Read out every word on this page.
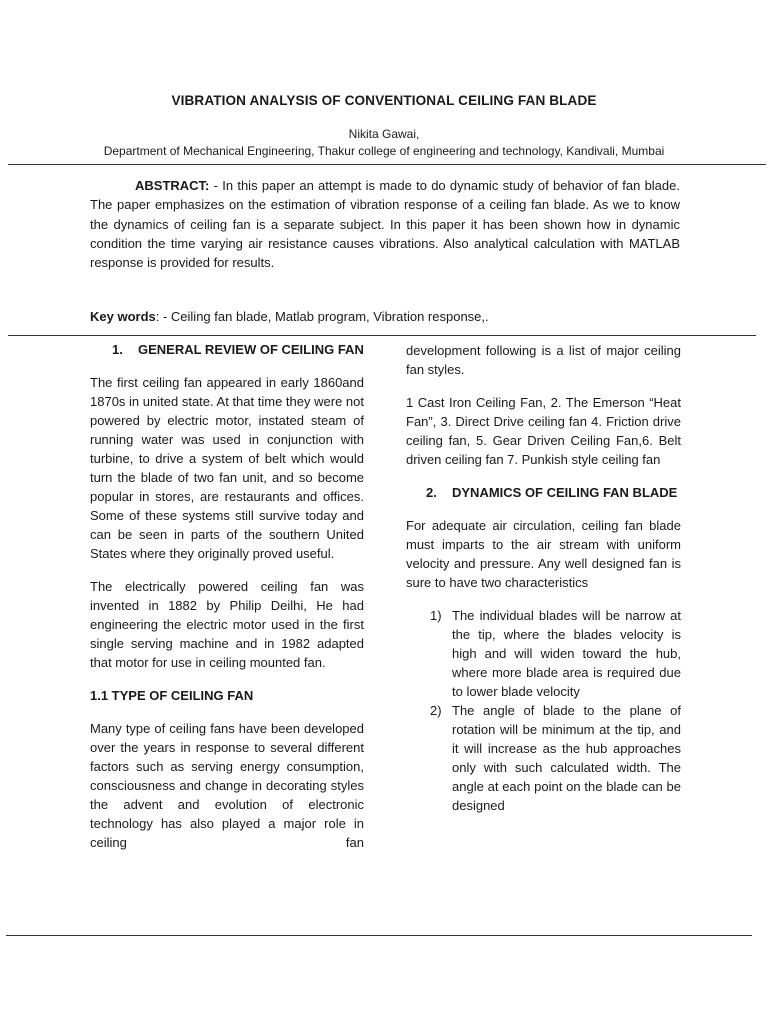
VIBRATION ANALYSIS OF CONVENTIONAL CEILING FAN BLADE
Nikita Gawai,
Department of Mechanical Engineering, Thakur college of engineering and technology, Kandivali, Mumbai

ABSTRACT: - In this paper an attempt is made to do dynamic study of behavior of fan blade. The paper emphasizes on the estimation of vibration response of a ceiling fan blade. As we to know the dynamics of ceiling fan is a separate subject. In this paper it has been shown how in dynamic condition the time varying air resistance causes vibrations. Also analytical calculation with MATLAB response is provided for results.

Key words: - Ceiling fan blade, Matlab program, Vibration response,.

1.	GENERAL REVIEW OF CEILING FAN

The first ceiling fan appeared in early 1860and 1870s in united state. At that time they were not powered by electric motor, instated steam of running water was used in conjunction with turbine, to drive a system of belt which would turn the blade of two fan unit, and so become popular in stores, are restaurants and offices. Some of these systems still survive today and can be seen in parts of the southern United States where they originally proved useful.

The electrically powered ceiling fan was invented in 1882 by Philip Deilhi, He had engineering the electric motor used in the first single serving machine and in 1982 adapted that motor for use in ceiling mounted fan.

1.1 TYPE OF CEILING FAN

Many type of ceiling fans have been developed over the years in response to several different factors such as serving energy consumption, consciousness and change in decorating styles the advent and evolution of electronic technology has also played a major role in ceiling fan

development following is a list of major ceiling fan styles.

1 Cast Iron Ceiling Fan, 2. The Emerson “Heat Fan”, 3. Direct Drive ceiling fan 4. Friction drive ceiling fan, 5. Gear Driven Ceiling Fan,6. Belt driven ceiling fan 7. Punkish style ceiling fan

2.	DYNAMICS OF CEILING FAN BLADE

For adequate air circulation, ceiling fan blade must imparts to the air stream with uniform velocity and pressure. Any well designed fan is sure to have two characteristics

1) The individual blades will be narrow at the tip, where the blades velocity is high and will widen toward the hub, where more blade area is required due to lower blade velocity
2) The angle of blade to the plane of rotation will be minimum at the tip, and it will increase as the hub approaches only with such calculated width. The angle at each point on the blade can be designed
